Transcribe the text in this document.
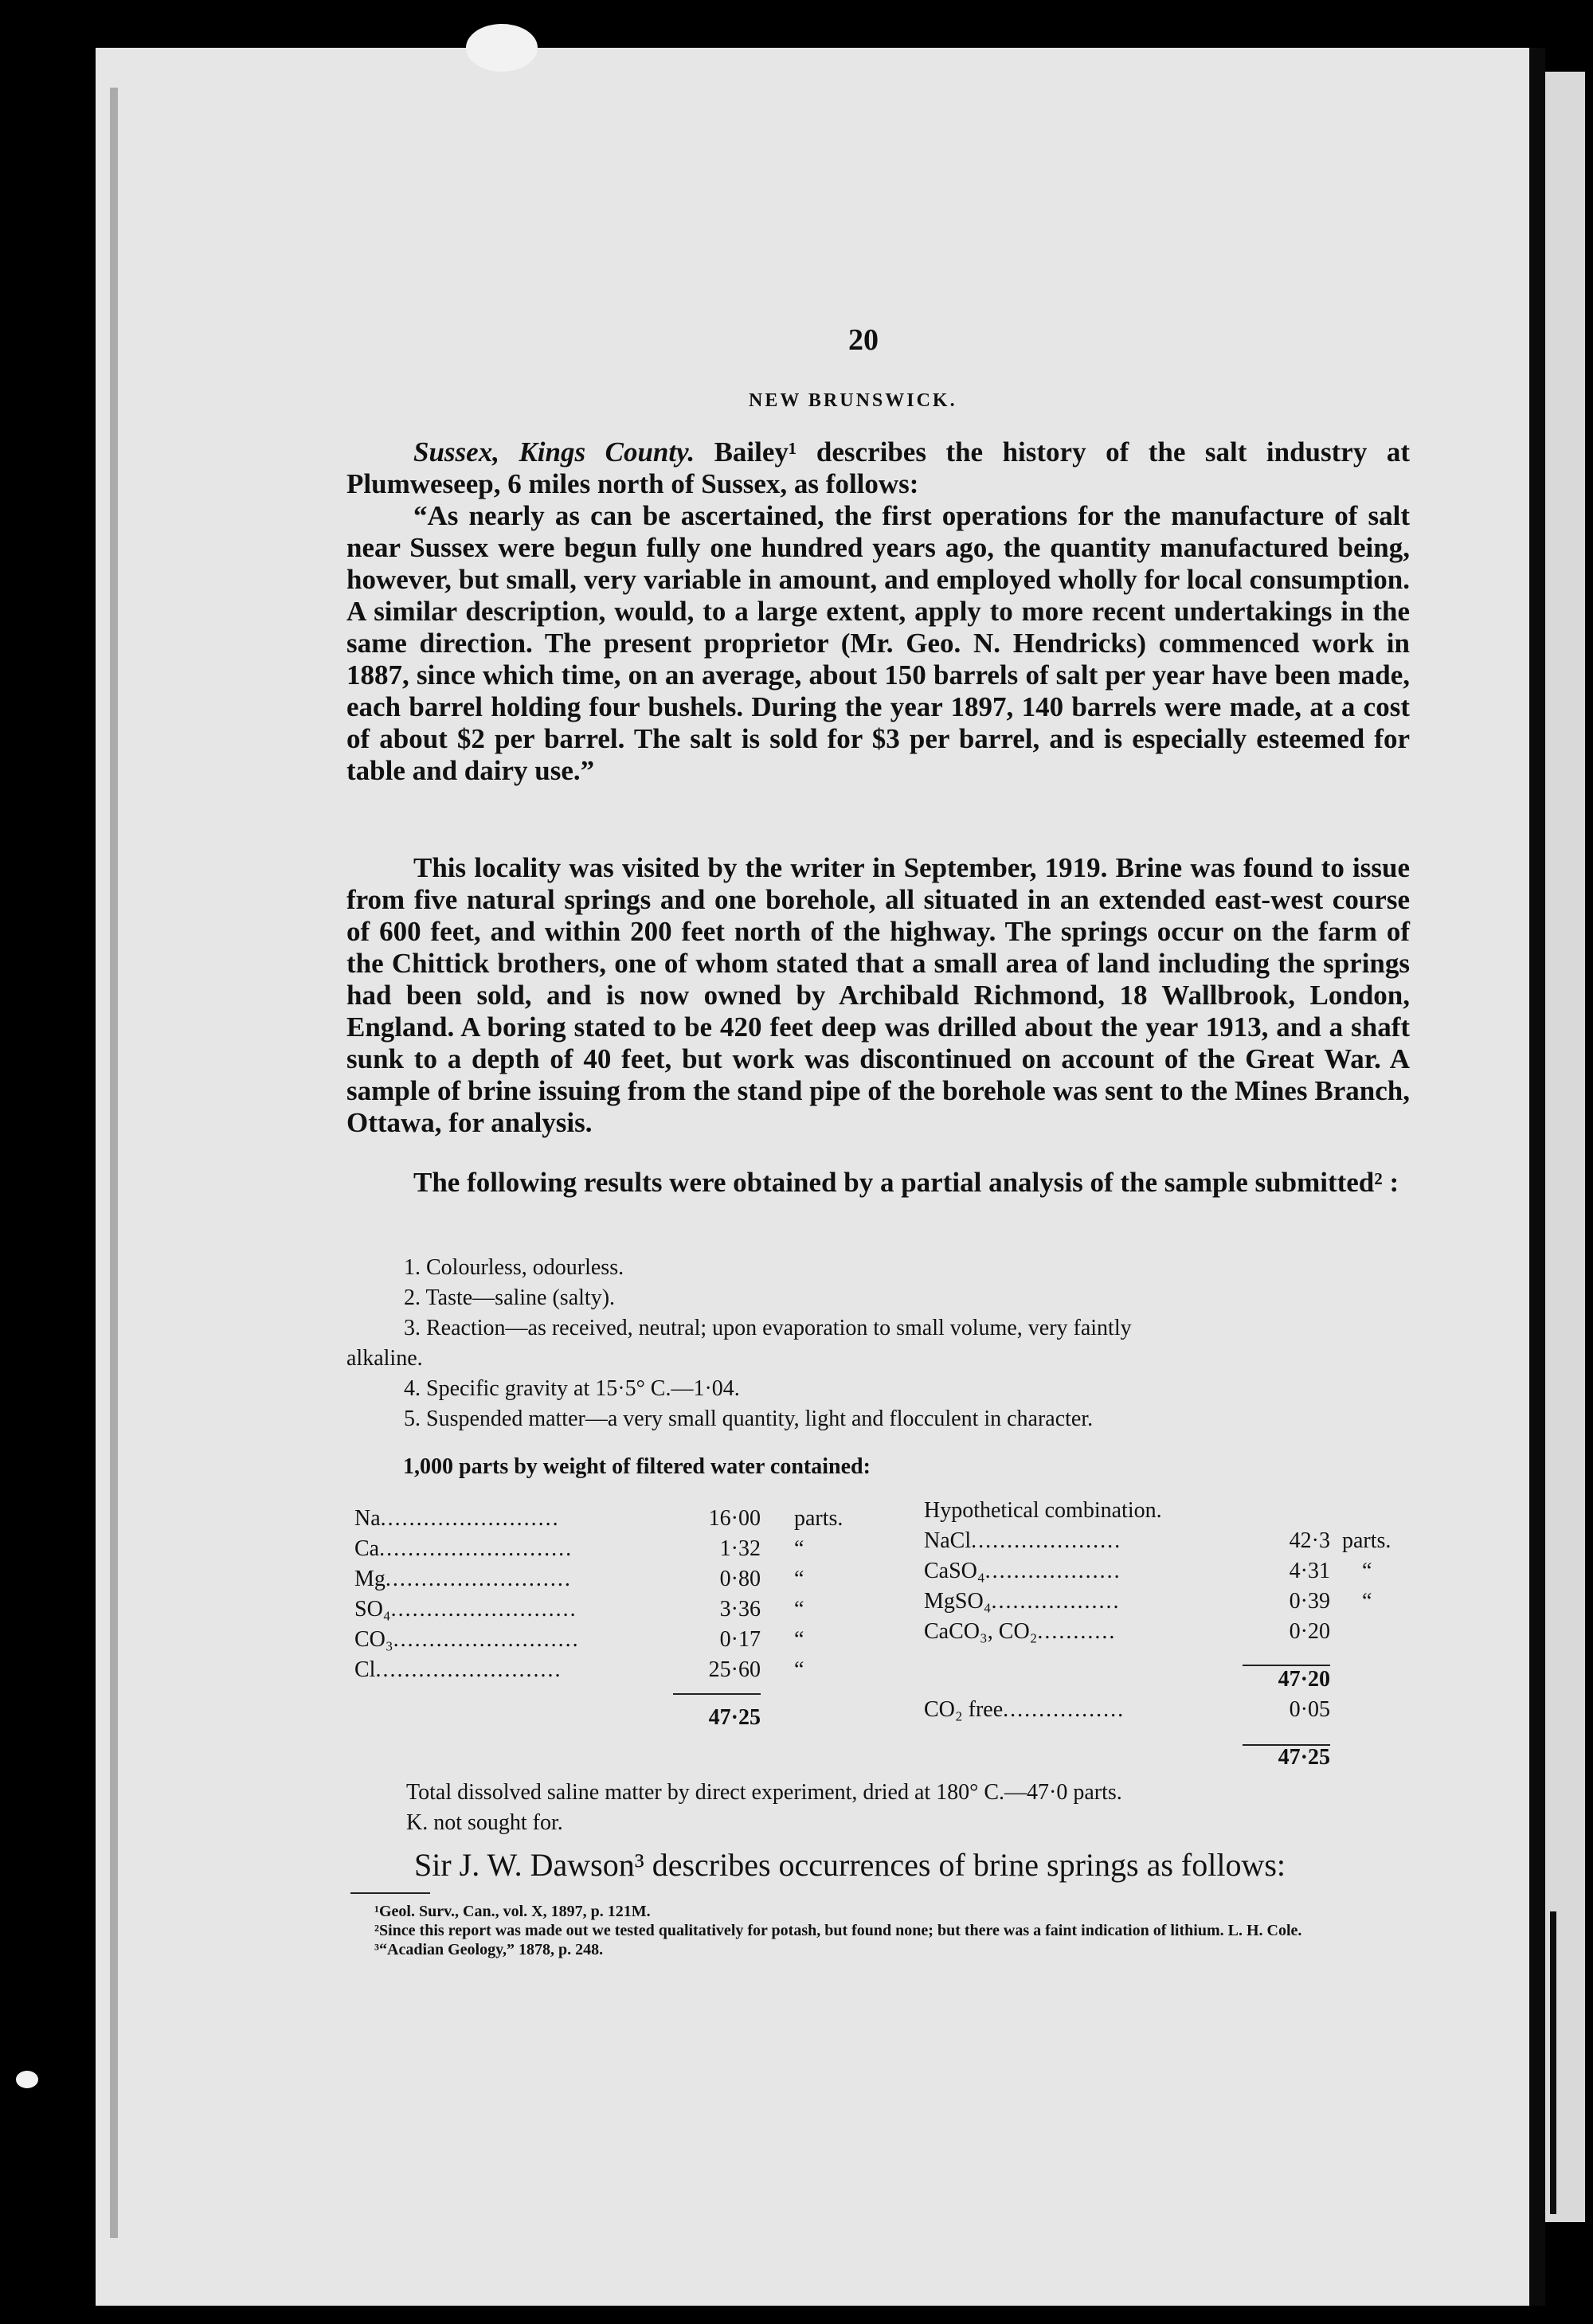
20
NEW BRUNSWICK.

Sussex, Kings County. Bailey¹ describes the history of the salt industry at Plumweseep, 6 miles north of Sussex, as follows:

“As nearly as can be ascertained, the first operations for the manufacture of salt near Sussex were begun fully one hundred years ago, the quantity manufactured being, however, but small, very variable in amount, and employed wholly for local consumption. A similar description, would, to a large extent, apply to more recent undertakings in the same direction. The present proprietor (Mr. Geo. N. Hendricks) commenced work in 1887, since which time, on an average, about 150 barrels of salt per year have been made, each barrel holding four bushels. During the year 1897, 140 barrels were made, at a cost of about $2 per barrel. The salt is sold for $3 per barrel, and is especially esteemed for table and dairy use.”

This locality was visited by the writer in September, 1919. Brine was found to issue from five natural springs and one borehole, all situated in an extended east-west course of 600 feet, and within 200 feet north of the highway. The springs occur on the farm of the Chittick brothers, one of whom stated that a small area of land including the springs had been sold, and is now owned by Archibald Richmond, 18 Wallbrook, London, England. A boring stated to be 420 feet deep was drilled about the year 1913, and a shaft sunk to a depth of 40 feet, but work was discontinued on account of the Great War. A sample of brine issuing from the stand pipe of the borehole was sent to the Mines Branch, Ottawa, for analysis.

The following results were obtained by a partial analysis of the sample submitted² :

1. Colourless, odourless.
2. Taste—saline (salty).
3. Reaction—as received, neutral; upon evaporation to small volume, very faintly
alkaline.
4. Specific gravity at 15·5° C.—1·04.
5. Suspended matter—a very small quantity, light and flocculent in character.
1,000 parts by weight of filtered water contained:
Na.........................	16·00 parts.
Ca...........................	1·32 “
Mg..........................	0·80 “
SO₄..........................	3·36 “
CO₃..........................	0·17 “
Cl..........................	25·60 “
47·25
Hypothetical combination.
NaCl.....................	42·3 parts.
CaSO₄...................	4·31 “
MgSO₄..................	0·39 “
CaCO₃, CO₂...........	0·20
47·20
CO₂ free.................	0·05
47·25
Total dissolved saline matter by direct experiment, dried at 180° C.—47·0 parts.
K. not sought for.
Sir J. W. Dawson³ describes occurrences of brine springs as follows:
¹Geol. Surv., Can., vol. X, 1897, p. 121M.
²Since this report was made out we tested qualitatively for potash, but found none; but there was a faint indication of lithium. L. H. Cole.
³“Acadian Geology,” 1878, p. 248.
